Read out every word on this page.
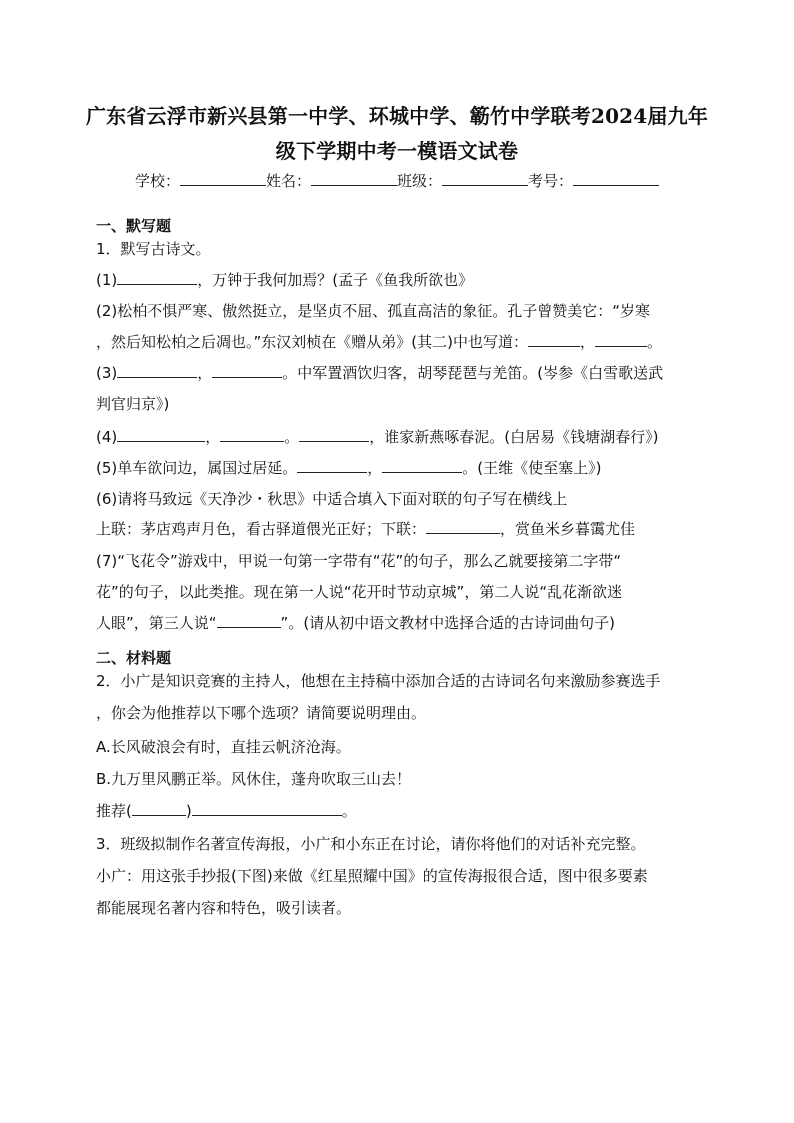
广东省云浮市新兴县第一中学、环城中学、簕竹中学联考2024届九年
级下学期中考一模语文试卷
学校：	姓名：	班级：	考号：
一、默写题
1．默写古诗文。
(1)	，万钟于我何加焉？(孟子《鱼我所欲也》
(2)松柏不惧严寒、傲然挺立，是坚贞不屈、孤直高洁的象征。孔子曾赞美它：“岁寒
，然后知松柏之后凋也。”东汉刘桢在《赠从弟》(其二)中也写道：	，	。
(3)	，	。中军置酒饮归客，胡琴琵琶与羌笛。(岑参《白雪歌送武
判官归京》)
(4)	，	。	，谁家新燕啄春泥。(白居易《钱塘湖春行》)
(5)单车欲问边，属国过居延。	，	。(王维《使至塞上》)
(6)请将马致远《天净沙・秋思》中适合填入下面对联的句子写在横线上
上联：茅店鸡声月色，看古驿道偎光正好；下联：	，赏鱼米乡暮霭尤佳
(7)“飞花令”游戏中，甲说一句第一字带有“花”的句子，那么乙就要接第二字带“
花”的句子，以此类推。现在第一人说“花开时节动京城”，第二人说“乱花渐欲迷
人眼”，第三人说“	”。(请从初中语文教材中选择合适的古诗词曲句子)
二、材料题
2．小广是知识竞赛的主持人，他想在主持稿中添加合适的古诗词名句来激励参赛选手
，你会为他推荐以下哪个选项？请简要说明理由。
A.长风破浪会有时，直挂云帆济沧海。
B.九万里风鹏正举。风休住，蓬舟吹取三山去！
推荐(	)	。
3．班级拟制作名著宣传海报，小广和小东正在讨论，请你将他们的对话补充完整。
小广：用这张手抄报(下图)来做《红星照耀中国》的宣传海报很合适，图中很多要素
都能展现名著内容和特色，吸引读者。
